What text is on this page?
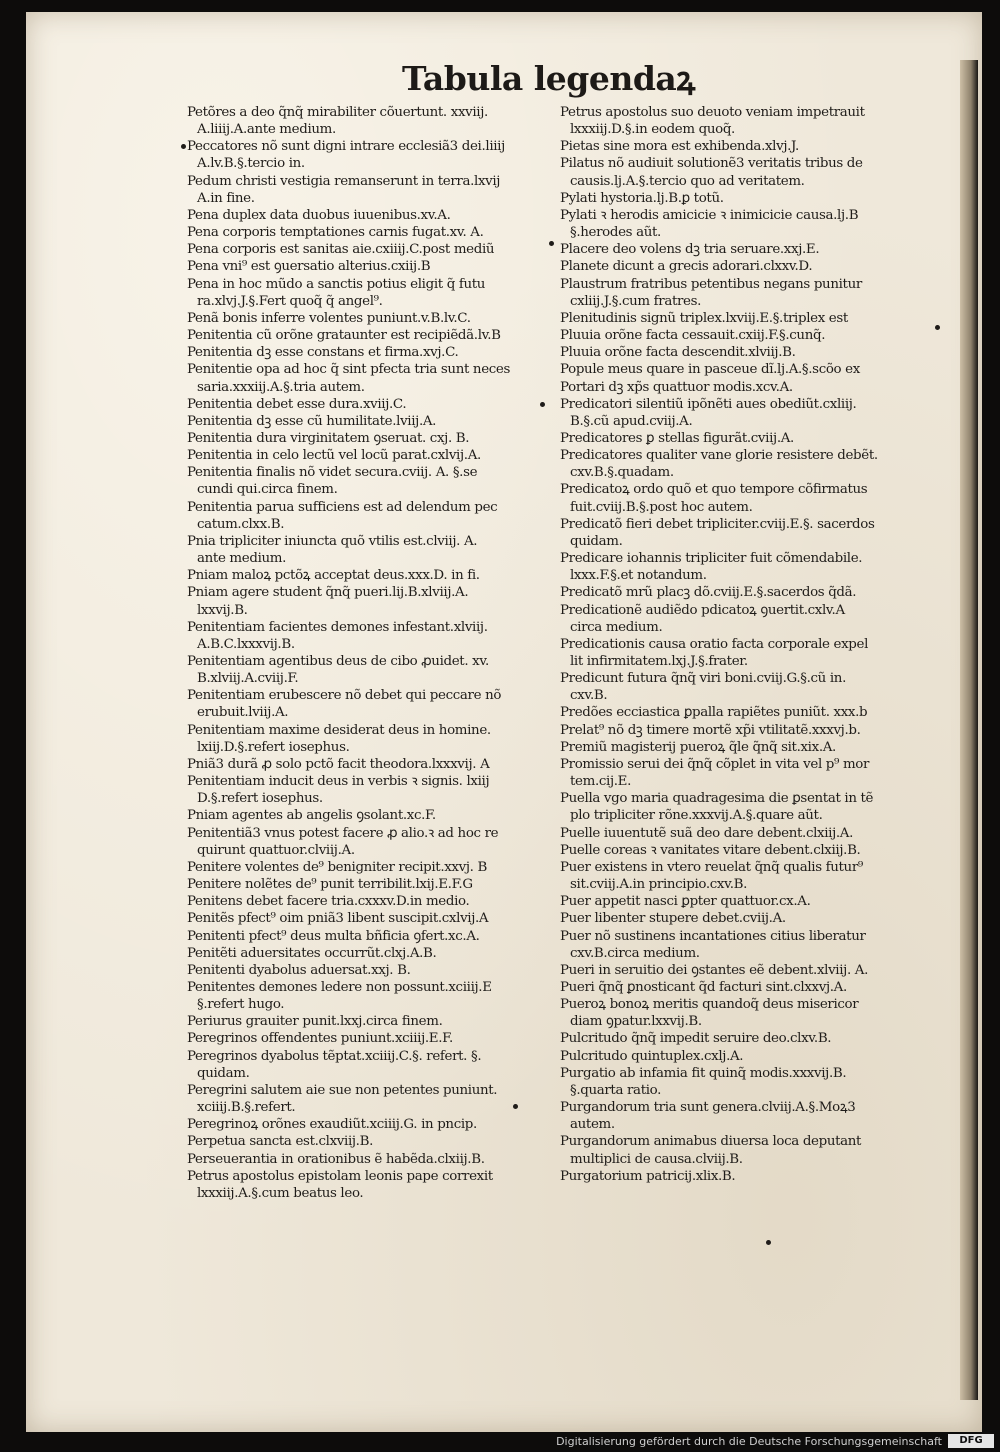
Tabula legendaꝝ

Petõres a deo q̃nq̃ mirabiliter cõuertunt. xxviij.

A.liiij.A.ante medium.

Peccatores nõ sunt digni intrare ecclesiã3 dei.liiij

A.lv.B.§.tercio in.

Pedum christi vestigia remanserunt in terra.lxvij

A.in fine.

Pena duplex data duobus iuuenibus.xv.A.

Pena corporis temptationes carnis fugat.xv. A.

Pena corporis est sanitas aie.cxiiij.C.post mediũ

Pena vni⁹ est ꝯuersatio alterius.cxiij.B

Pena in hoc mũdo a sanctis potius eligit q̃ futu

ra.xlvj.J.§.Fert quoq̃ q̃ angel⁹.

Penã bonis inferre volentes puniunt.v.B.lv.C.

Penitentia cũ orõne grataunter est recipiẽdã.lv.B

Penitentia dꝫ esse constans et firma.xvj.C.

Penitentie opa ad hoc q̃ sint pfecta tria sunt neces

saria.xxxiij.A.§.tria autem.

Penitentia debet esse dura.xviij.C.

Penitentia dꝫ esse cũ humilitate.lviij.A.

Penitentia dura virginitatem ꝯseruat. cxj. B.

Penitentia in celo lectũ vel locũ parat.cxlvij.A.

Penitentia finalis nõ videt secura.cviij. A. §.se

cundi qui.circa finem.

Penitentia parua sufficiens est ad delendum pec

catum.clxx.B.

Pnia tripliciter iniuncta quõ vtilis est.clviij. A.

ante medium.

Pniam maloꝝ pctõꝝ acceptat deus.xxx.D. in fi.

Pniam agere student q̃nq̃ pueri.lij.B.xlviij.A.

lxxvij.B.

Penitentiam facientes demones infestant.xlviij.

A.B.C.lxxxvij.B.

Penitentiam agentibus deus de cibo ꝓuidet. xv.

B.xlviij.A.cviij.F.

Penitentiam erubescere nõ debet qui peccare nõ

erubuit.lviij.A.

Penitentiam maxime desiderat deus in homine.

lxiij.D.§.refert iosephus.

Pniã3 durã ꝓ solo pctõ facit theodora.lxxxvij. A

Penitentiam inducit deus in verbis ꝛ signis. lxiij

D.§.refert iosephus.

Pniam agentes ab angelis ꝯsolant.xc.F.

Penitentiã3 vnus potest facere ꝓ alio.ꝛ ad hoc re

quirunt quattuor.clviij.A.

Penitere volentes de⁹ benigniter recipit.xxvj. B

Penitere nolẽtes de⁹ punit terribilit.lxij.E.F.G

Penitens debet facere tria.cxxxv.D.in medio.

Penitẽs pfect⁹ oim pniã3 libent suscipit.cxlvij.A

Penitenti pfect⁹ deus multa bñficia ꝯfert.xc.A.

Penitẽti aduersitates occurrũt.clxj.A.B.

Penitenti dyabolus aduersat.xxj. B.

Penitentes demones ledere non possunt.xciiij.E

§.refert hugo.

Periurus grauiter punit.lxxj.circa finem.

Peregrinos offendentes puniunt.xciiij.E.F.

Peregrinos dyabolus tẽptat.xciiij.C.§. refert. §.

quidam.

Peregrini salutem aie sue non petentes puniunt.

xciiij.B.§.refert.

Peregrinoꝝ orõnes exaudiũt.xciiij.G. in pncip.

Perpetua sancta est.clxviij.B.

Perseuerantia in orationibus ẽ habẽda.clxiij.B.

Petrus apostolus epistolam leonis pape correxit

lxxxiij.A.§.cum beatus leo.

Petrus apostolus suo deuoto veniam impetrauit

lxxxiij.D.§.in eodem quoq̃.

Pietas sine mora est exhibenda.xlvj.J.

Pilatus nõ audiuit solutionẽ3 veritatis tribus de

causis.lj.A.§.tercio quo ad veritatem.

Pylati hystoria.lj.B.ꝑ totũ.

Pylati ꝛ herodis amicicie ꝛ inimicicie causa.lj.B

§.herodes aũt.

Placere deo volens dꝫ tria seruare.xxj.E.

Planete dicunt a grecis adorari.clxxv.D.

Plaustrum fratribus petentibus negans punitur

cxliij.J.§.cum fratres.

Plenitudinis signũ triplex.lxviij.E.§.triplex est

Pluuia orõne facta cessauit.cxiij.F.§.cunq̃.

Pluuia orõne facta descendit.xlviij.B.

Popule meus quare in pasceue dĩ.lj.A.§.scõo ex

Portari dꝫ xp̃s quattuor modis.xcv.A.

Predicatori silentiũ ipõnẽti aues obediũt.cxliij.

B.§.cũ apud.cviij.A.

Predicatores ꝑ stellas figurãt.cviij.A.

Predicatores qualiter vane glorie resistere debẽt.

cxv.B.§.quadam.

Predicatoꝝ ordo quõ et quo tempore cõfirmatus

fuit.cviij.B.§.post hoc autem.

Predicatõ fieri debet tripliciter.cviij.E.§. sacerdos

quidam.

Predicare iohannis tripliciter fuit cõmendabile.

lxxx.F.§.et notandum.

Predicatõ mrũ placꝫ dõ.cviij.E.§.sacerdos q̃dã.

Predicationẽ audiẽdo pdicatoꝝ ꝯuertit.cxlv.A

circa medium.

Predicationis causa oratio facta corporale expel

lit infirmitatem.lxj.J.§.frater.

Predicunt futura q̃nq̃ viri boni.cviij.G.§.cũ in.

cxv.B.

Predões ecciastica ꝑpalla rapiẽtes puniũt. xxx.b

Prelat⁹ nõ dꝫ timere mortẽ xp̃i vtilitatẽ.xxxvj.b.

Premiũ magisterij pueroꝝ q̃le q̃nq̃ sit.xix.A.

Promissio serui dei q̃nq̃ cõplet in vita vel p⁹ mor

tem.cij.E.

Puella vgo maria quadragesima die ꝑsentat in tẽ

plo tripliciter rõne.xxxvij.A.§.quare aũt.

Puelle iuuentutẽ suã deo dare debent.clxiij.A.

Puelle coreas ꝛ vanitates vitare debent.clxiij.B.

Puer existens in vtero reuelat q̃nq̃ qualis futur⁹

sit.cviij.A.in principio.cxv.B.

Puer appetit nasci ꝑpter quattuor.cx.A.

Puer libenter stupere debet.cviij.A.

Puer nõ sustinens incantationes citius liberatur

cxv.B.circa medium.

Pueri in seruitio dei ꝯstantes eẽ debent.xlviij. A.

Pueri q̃nq̃ ꝑnosticant q̃d facturi sint.clxxvj.A.

Pueroꝝ bonoꝝ meritis quandoq̃ deus misericor

diam ꝯpatur.lxxvij.B.

Pulcritudo q̃nq̃ impedit seruire deo.clxv.B.

Pulcritudo quintuplex.cxlj.A.

Purgatio ab infamia fit quinq̃ modis.xxxvij.B.

§.quarta ratio.

Purgandorum tria sunt genera.clviij.A.§.Moꝝ3

autem.

Purgandorum animabus diuersa loca deputant

multiplici de causa.clviij.B.

Purgatorium patricij.xlix.B.

Digitalisierung gefördert durch die Deutsche Forschungsgemeinschaft	DFG
